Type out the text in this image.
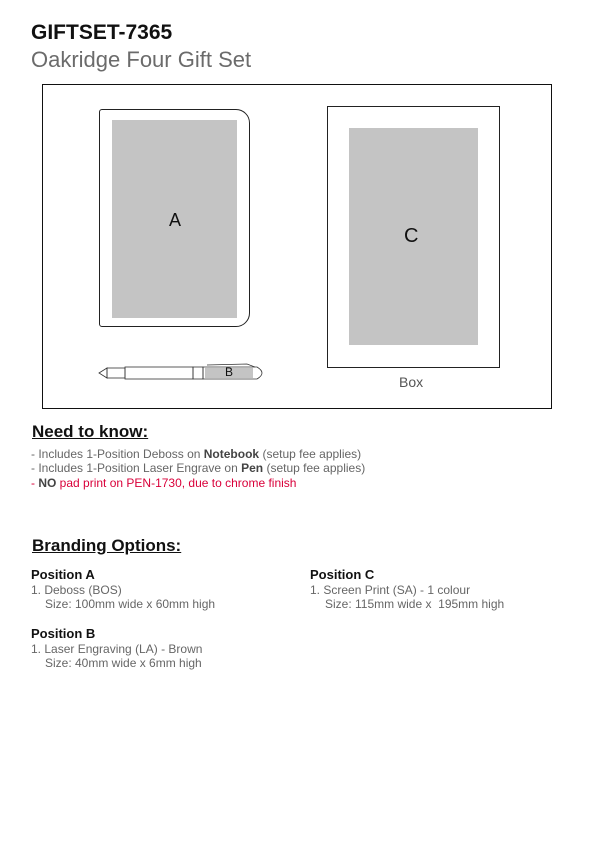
GIFTSET-7365
Oakridge Four Gift Set
A
C
Box
B
Need to know:
- Includes 1-Position Deboss on Notebook (setup fee applies)
- Includes 1-Position Laser Engrave on Pen (setup fee applies)
- NO pad print on PEN-1730, due to chrome finish
Branding Options:
Position A
1. Deboss (BOS)
Size: 100mm wide x 60mm high
Position B
1. Laser Engraving (LA) - Brown
Size: 40mm wide x 6mm high
Position C
1. Screen Print (SA) - 1 colour
Size: 115mm wide x  195mm high
